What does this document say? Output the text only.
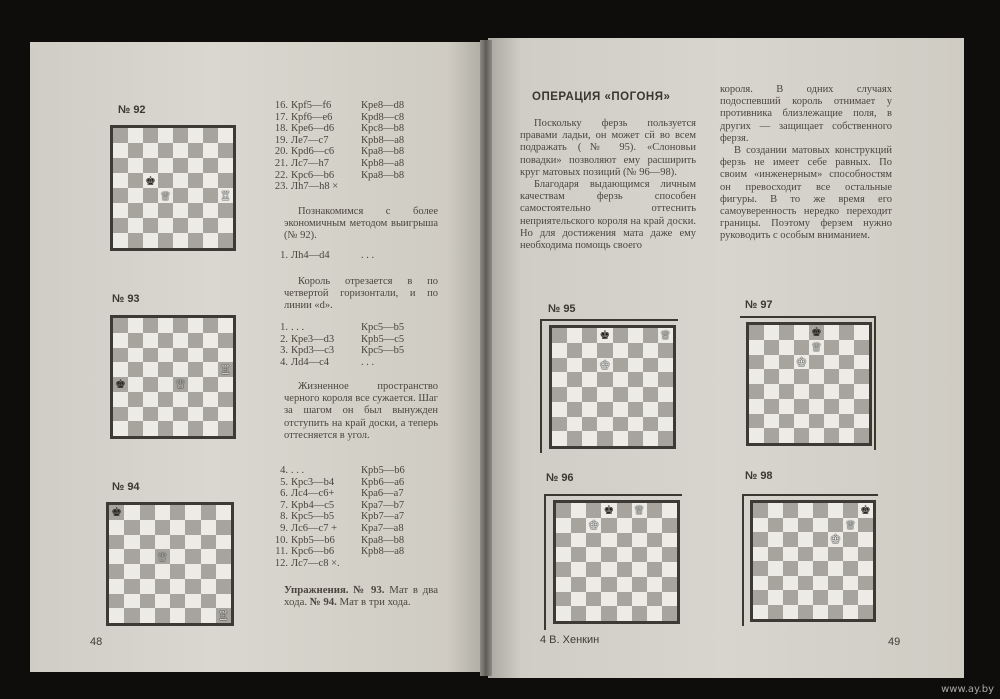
№ 92
♚
♕	♖
№ 93
♖
♚	♕
№ 94
♚
♕
♖
16. Крf5—f6	Крe8—d8
17. Крf6—e6	Крd8—c8
18. Крe6—d6	Крc8—b8
19. Лe7—c7	Крb8—a8
20. Крd6—c6	Крa8—b8
21. Лc7—h7	Крb8—a8
22. Крc6—b6	Крa8—b8
23. Лh7—h8 ×

Познакомимся с более экономичным методом выигрыша (№ 92).

1. Лh4—d4	. . .

Король отрезается в по четвертой горизонтали, и по линии «d».

1. . . .	Крc5—b5
2. Крe3—d3	Крb5—c5
3. Крd3—c3	Крc5—b5
4. Лd4—c4	. . .

Жизненное пространство черного короля все сужается. Шаг за шагом он был вынужден отступить на край доски, а теперь оттесняется в угол.

4. . . .	Крb5—b6
5. Крc3—b4	Крb6—a6
6. Лc4—c6+	Крa6—a7
7. Крb4—c5	Крa7—b7
8. Крc5—b5	Крb7—a7
9. Лc6—c7 +	Крa7—a8
10. Крb5—b6	Крa8—b8
11. Крc6—b6	Крb8—a8
12. Лc7—c8 ×.

Упражнения. № 93. Мат в два хода. № 94. Мат в три хода.

48
ОПЕРАЦИЯ «ПОГОНЯ»

Поскольку ферзь пользуется правами ладьи, он может сй во всем подражать (№ 95). «Слоновьи повадки» позволяют ему расширить круг матовых позиций (№ 96—98).

Благодаря выдающимся личным качествам ферзь способен самостоятельно оттеснить неприятельского короля на край доски. Но для достижения мата даже ему необходима помощь своего

короля. В одних случаях подоспевший король отнимает у противника близлежащие поля, в других — защищает собственного ферзя.

В создании матовых конструкций ферзь не имеет себе равных. По своим «инженерным» способностям он превосходит все остальные фигуры. В то же время его самоуверенность нередко переходит границы. Поэтому ферзем нужно руководить с особым вниманием.

№ 95
♚	♕
♔
№ 97
♚
♕
♔
№ 96
♚ ♕
♔
№ 98
♚
♕
♔
4 В. Хенкин	49
www.ay.by
